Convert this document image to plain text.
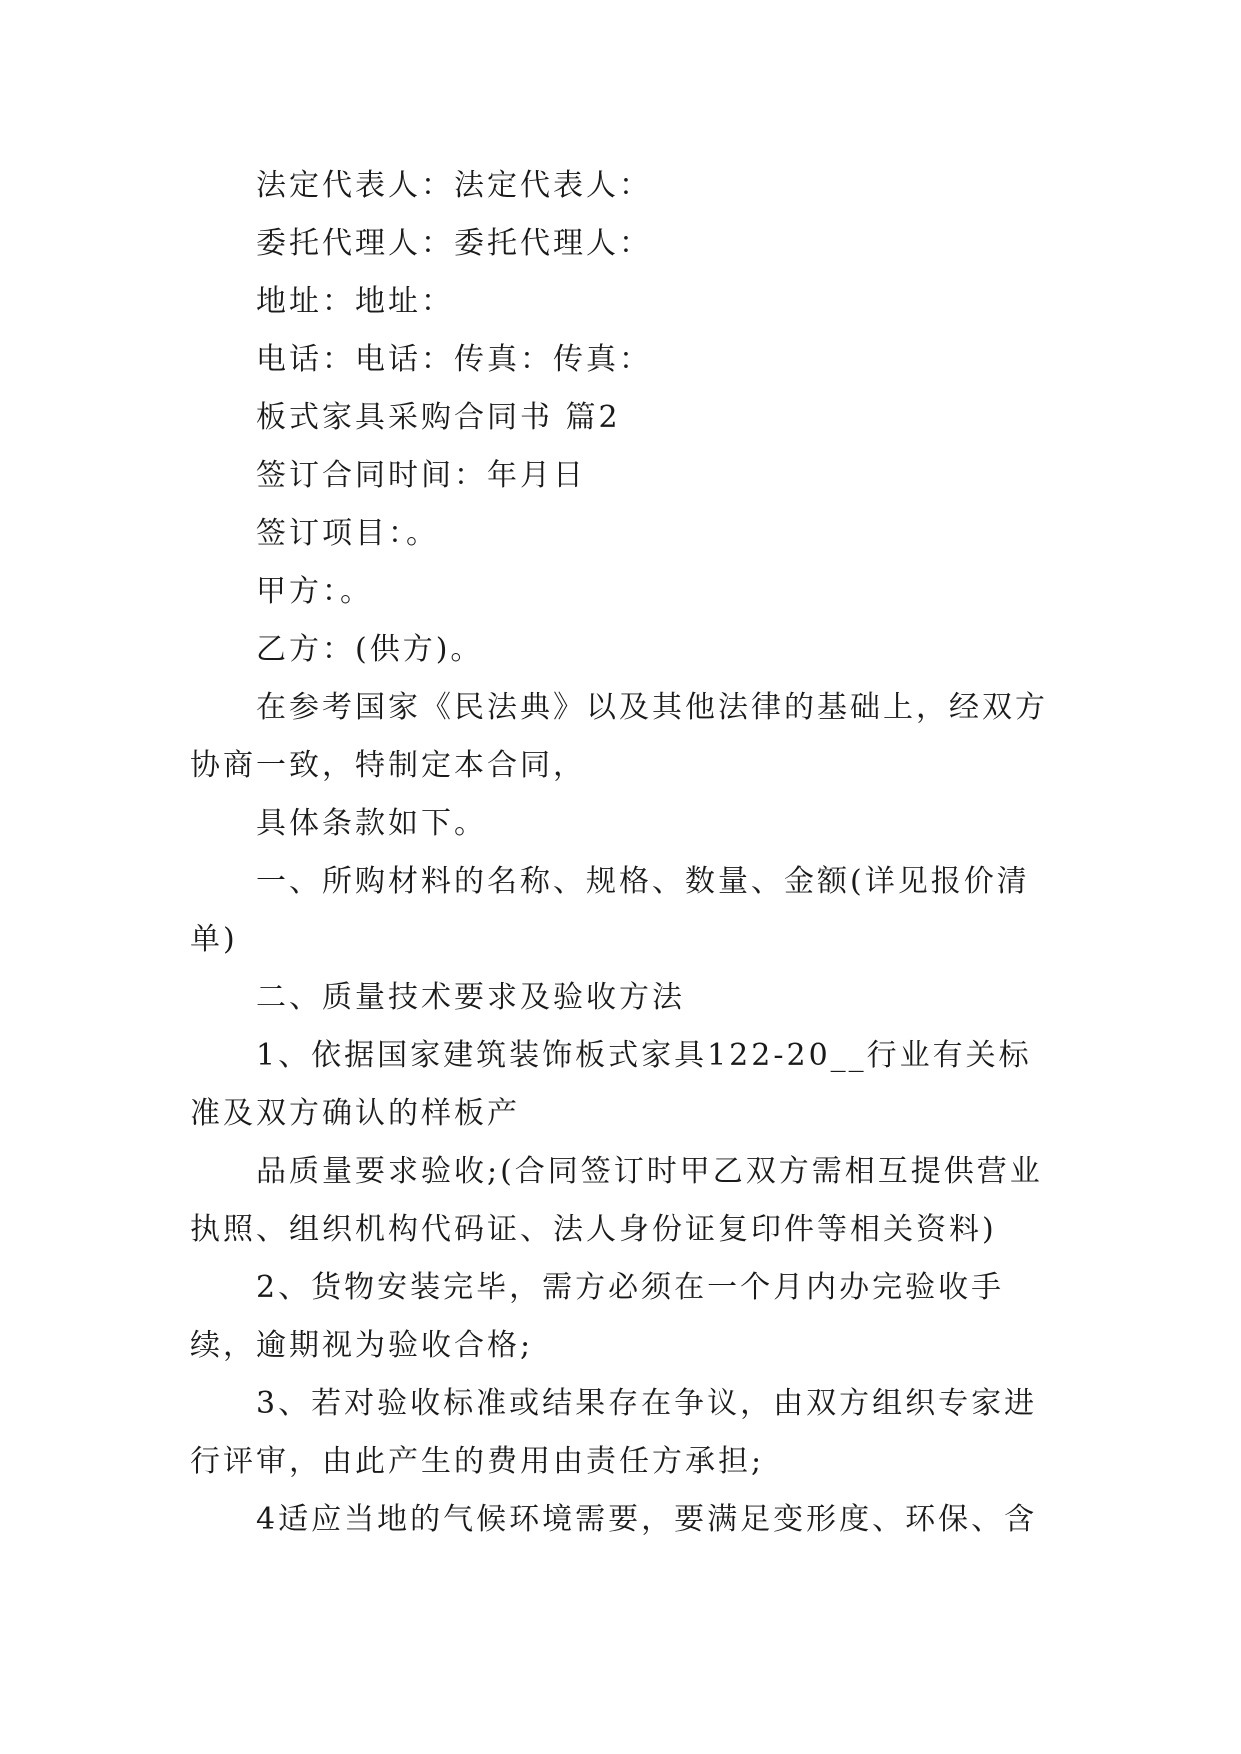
法定代表人：法定代表人：

委托代理人：委托代理人：

地址：地址：

电话：电话：传真：传真：

板式家具采购合同书 篇2

签订合同时间：年月日

签订项目：。

甲方：。

乙方：(供方)。

在参考国家《民法典》以及其他法律的基础上，经双方协商一致，特制定本合同，

具体条款如下。

一、所购材料的名称、规格、数量、金额(详见报价清单)

二、质量技术要求及验收方法

1、依据国家建筑装饰板式家具122-20__行业有关标准及双方确认的样板产

品质量要求验收;(合同签订时甲乙双方需相互提供营业执照、组织机构代码证、法人身份证复印件等相关资料)

2、货物安装完毕，需方必须在一个月内办完验收手续，逾期视为验收合格;

3、若对验收标准或结果存在争议，由双方组织专家进行评审，由此产生的费用由责任方承担;

4适应当地的气候环境需要，要满足变形度、环保、含
